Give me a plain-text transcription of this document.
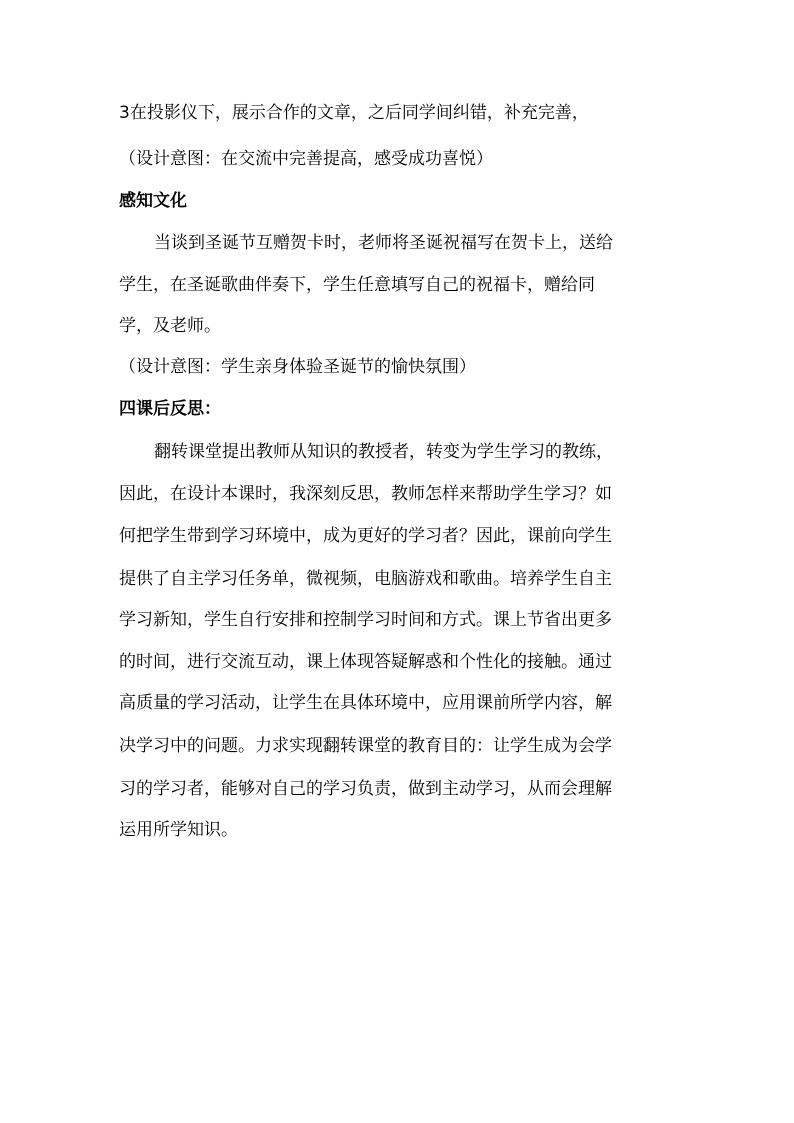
3在投影仪下，展示合作的文章，之后同学间纠错，补充完善，

（设计意图：在交流中完善提高，感受成功喜悦）

感知文化

当谈到圣诞节互赠贺卡时，老师将圣诞祝福写在贺卡上，送给

学生，在圣诞歌曲伴奏下，学生任意填写自己的祝福卡，赠给同

学，及老师。

（设计意图：学生亲身体验圣诞节的愉快氛围）

四课后反思：

翻转课堂提出教师从知识的教授者，转变为学生学习的教练，

因此，在设计本课时，我深刻反思，教师怎样来帮助学生学习？如

何把学生带到学习环境中，成为更好的学习者？因此，课前向学生

提供了自主学习任务单，微视频，电脑游戏和歌曲。培养学生自主

学习新知，学生自行安排和控制学习时间和方式。课上节省出更多

的时间，进行交流互动，课上体现答疑解惑和个性化的接触。通过

高质量的学习活动，让学生在具体环境中，应用课前所学内容，解

决学习中的问题。力求实现翻转课堂的教育目的：让学生成为会学

习的学习者，能够对自己的学习负责，做到主动学习，从而会理解

运用所学知识。
